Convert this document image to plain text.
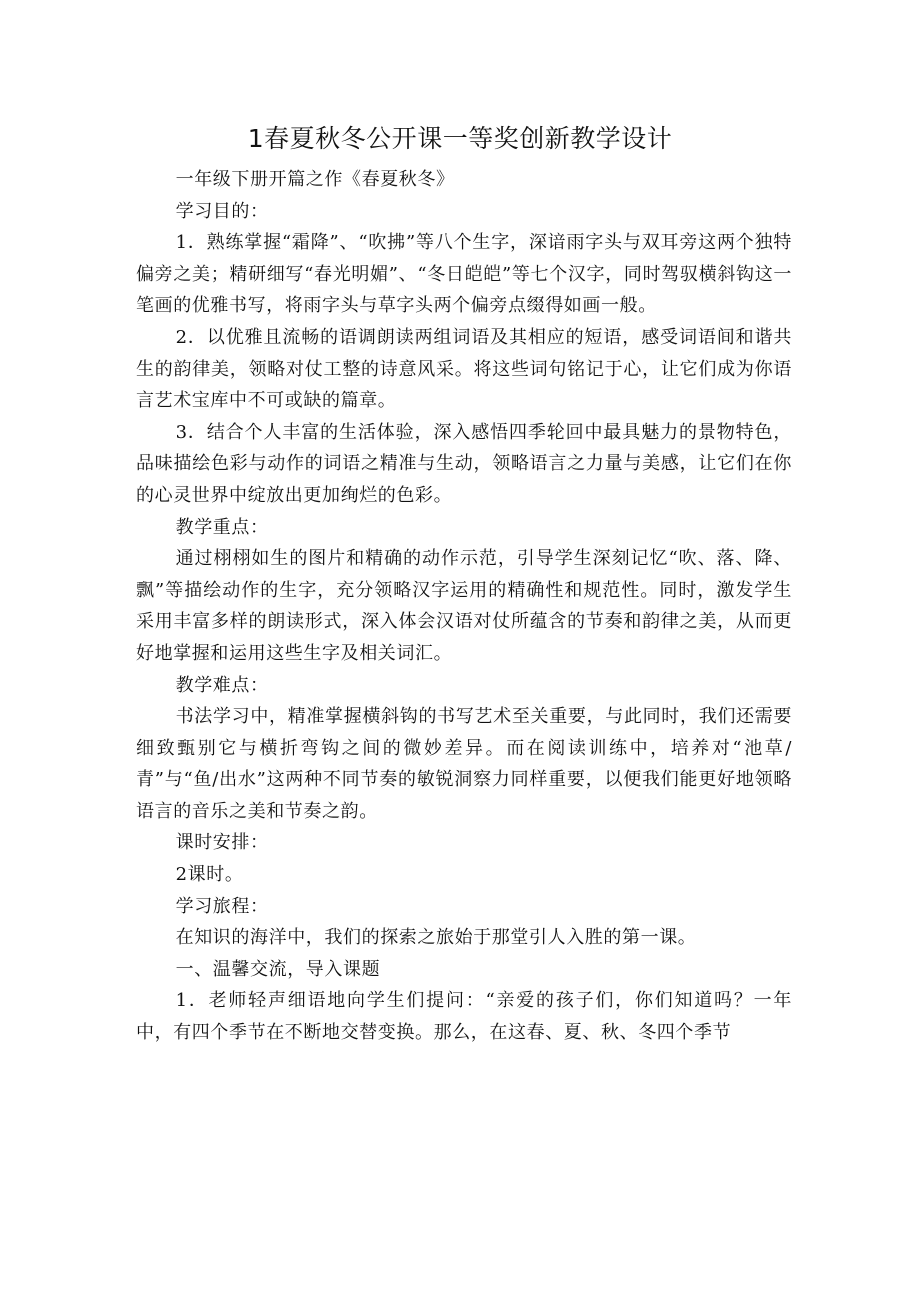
1春夏秋冬公开课一等奖创新教学设计

一年级下册开篇之作《春夏秋冬》

学习目的：

1．熟练掌握“霜降”、“吹拂”等八个生字，深谙雨字头与双耳旁这两个独特偏旁之美；精研细写“春光明媚”、“冬日皑皑”等七个汉字，同时驾驭横斜钩这一笔画的优雅书写，将雨字头与草字头两个偏旁点缀得如画一般。

2．以优雅且流畅的语调朗读两组词语及其相应的短语，感受词语间和谐共生的韵律美，领略对仗工整的诗意风采。将这些词句铭记于心，让它们成为你语言艺术宝库中不可或缺的篇章。

3．结合个人丰富的生活体验，深入感悟四季轮回中最具魅力的景物特色，品味描绘色彩与动作的词语之精准与生动，领略语言之力量与美感，让它们在你的心灵世界中绽放出更加绚烂的色彩。

教学重点：

通过栩栩如生的图片和精确的动作示范，引导学生深刻记忆“吹、落、降、飘”等描绘动作的生字，充分领略汉字运用的精确性和规范性。同时，激发学生采用丰富多样的朗读形式，深入体会汉语对仗所蕴含的节奏和韵律之美，从而更好地掌握和运用这些生字及相关词汇。

教学难点：

书法学习中，精准掌握横斜钩的书写艺术至关重要，与此同时，我们还需要细致甄别它与横折弯钩之间的微妙差异。而在阅读训练中，培养对“池草/青”与“鱼/出水”这两种不同节奏的敏锐洞察力同样重要，以便我们能更好地领略语言的音乐之美和节奏之韵。

课时安排：

2课时。

学习旅程：

在知识的海洋中，我们的探索之旅始于那堂引人入胜的第一课。

一、温馨交流，导入课题

1．老师轻声细语地向学生们提问：“亲爱的孩子们，你们知道吗？一年中，有四个季节在不断地交替变换。那么，在这春、夏、秋、冬四个季节
